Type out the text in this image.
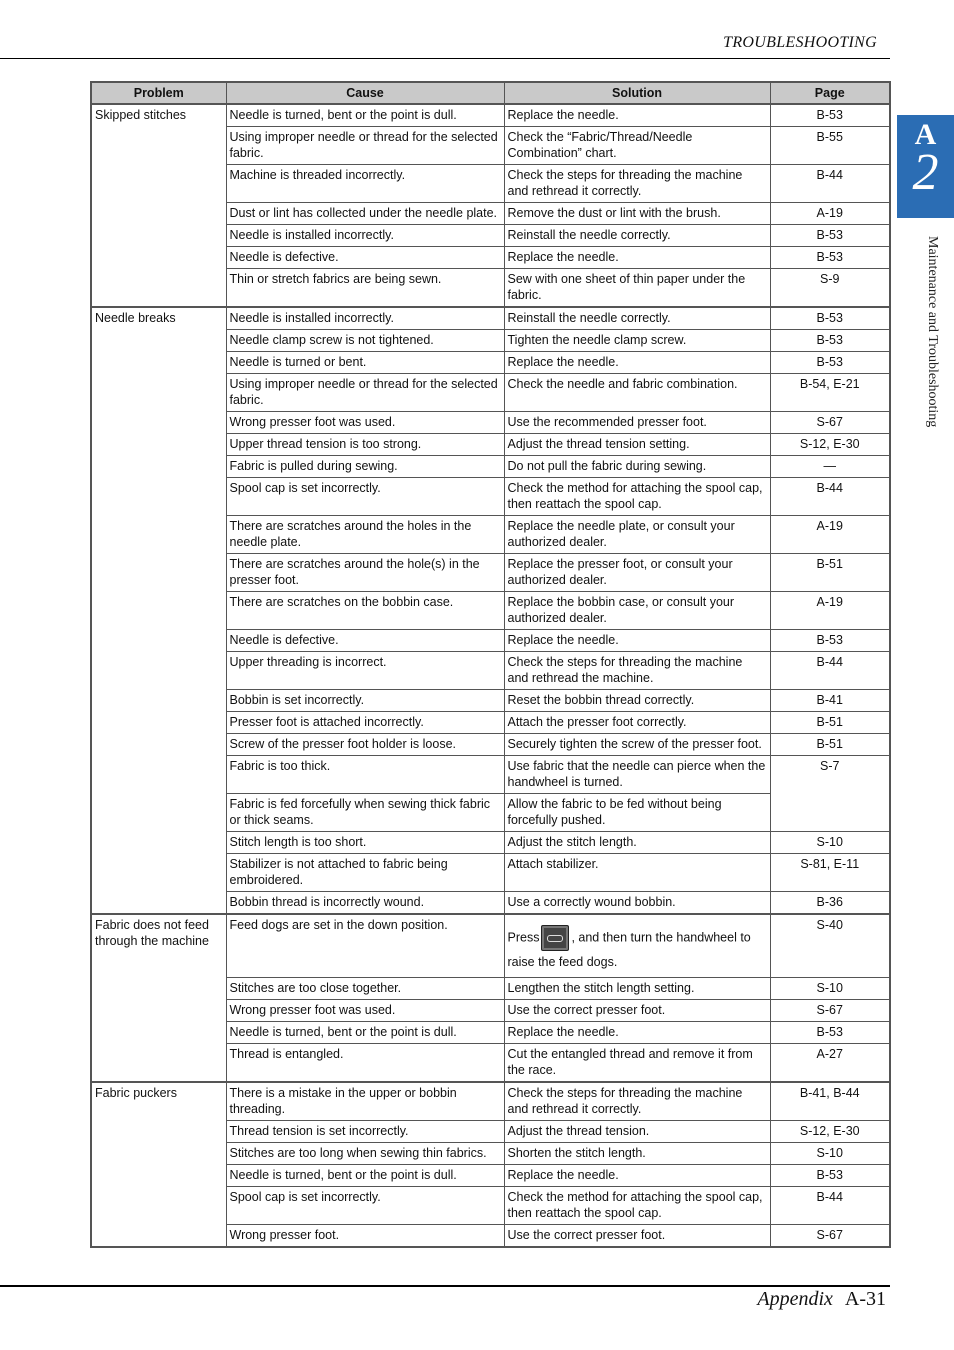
TROUBLESHOOTING
A
2
Maintenance and Troubleshooting
Problem	Cause	Solution	Page
Skipped stitches	Needle is turned, bent or the point is dull.	Replace the needle.	B-53
	Using improper needle or thread for the selected fabric.	Check the “Fabric/Thread/Needle Combination” chart.	B-55
	Machine is threaded incorrectly.	Check the steps for threading the machine and rethread it correctly.	B-44
	Dust or lint has collected under the needle plate.	Remove the dust or lint with the brush.	A-19
	Needle is installed incorrectly.	Reinstall the needle correctly.	B-53
	Needle is defective.	Replace the needle.	B-53
	Thin or stretch fabrics are being sewn.	Sew with one sheet of thin paper under the fabric.	S-9
Needle breaks	Needle is installed incorrectly.	Reinstall the needle correctly.	B-53
	Needle clamp screw is not tightened.	Tighten the needle clamp screw.	B-53
	Needle is turned or bent.	Replace the needle.	B-53
	Using improper needle or thread for the selected fabric.	Check the needle and fabric combination.	B-54, E-21
	Wrong presser foot was used.	Use the recommended presser foot.	S-67
	Upper thread tension is too strong.	Adjust the thread tension setting.	S-12, E-30
	Fabric is pulled during sewing.	Do not pull the fabric during sewing.	—
	Spool cap is set incorrectly.	Check the method for attaching the spool cap, then reattach the spool cap.	B-44
	There are scratches around the holes in the needle plate.	Replace the needle plate, or consult your authorized dealer.	A-19
	There are scratches around the hole(s) in the presser foot.	Replace the presser foot, or consult your authorized dealer.	B-51
	There are scratches on the bobbin case.	Replace the bobbin case, or consult your authorized dealer.	A-19
	Needle is defective.	Replace the needle.	B-53
	Upper threading is incorrect.	Check the steps for threading the machine and rethread the machine.	B-44
	Bobbin is set incorrectly.	Reset the bobbin thread correctly.	B-41
	Presser foot is attached incorrectly.	Attach the presser foot correctly.	B-51
	Screw of the presser foot holder is loose.	Securely tighten the screw of the presser foot.	B-51
	Fabric is too thick.	Use fabric that the needle can pierce when the handwheel is turned.	S-7
	Fabric is fed forcefully when sewing thick fabric or thick seams.	Allow the fabric to be fed without being forcefully pushed.	
	Stitch length is too short.	Adjust the stitch length.	S-10
	Stabilizer is not attached to fabric being embroidered.	Attach stabilizer.	S-81, E-11
	Bobbin thread is incorrectly wound.	Use a correctly wound bobbin.	B-36
Fabric does not feed through the machine	Feed dogs are set in the down position.	Press , and then turn the handwheel to raise the feed dogs.	S-40
	Stitches are too close together.	Lengthen the stitch length setting.	S-10
	Wrong presser foot was used.	Use the correct presser foot.	S-67
	Needle is turned, bent or the point is dull.	Replace the needle.	B-53
	Thread is entangled.	Cut the entangled thread and remove it from the race.	A-27
Fabric puckers	There is a mistake in the upper or bobbin threading.	Check the steps for threading the machine and rethread it correctly.	B-41, B-44
	Thread tension is set incorrectly.	Adjust the thread tension.	S-12, E-30
	Stitches are too long when sewing thin fabrics.	Shorten the stitch length.	S-10
	Needle is turned, bent or the point is dull.	Replace the needle.	B-53
	Spool cap is set incorrectly.	Check the method for attaching the spool cap, then reattach the spool cap.	B-44
	Wrong presser foot.	Use the correct presser foot.	S-67
Appendix A-31
